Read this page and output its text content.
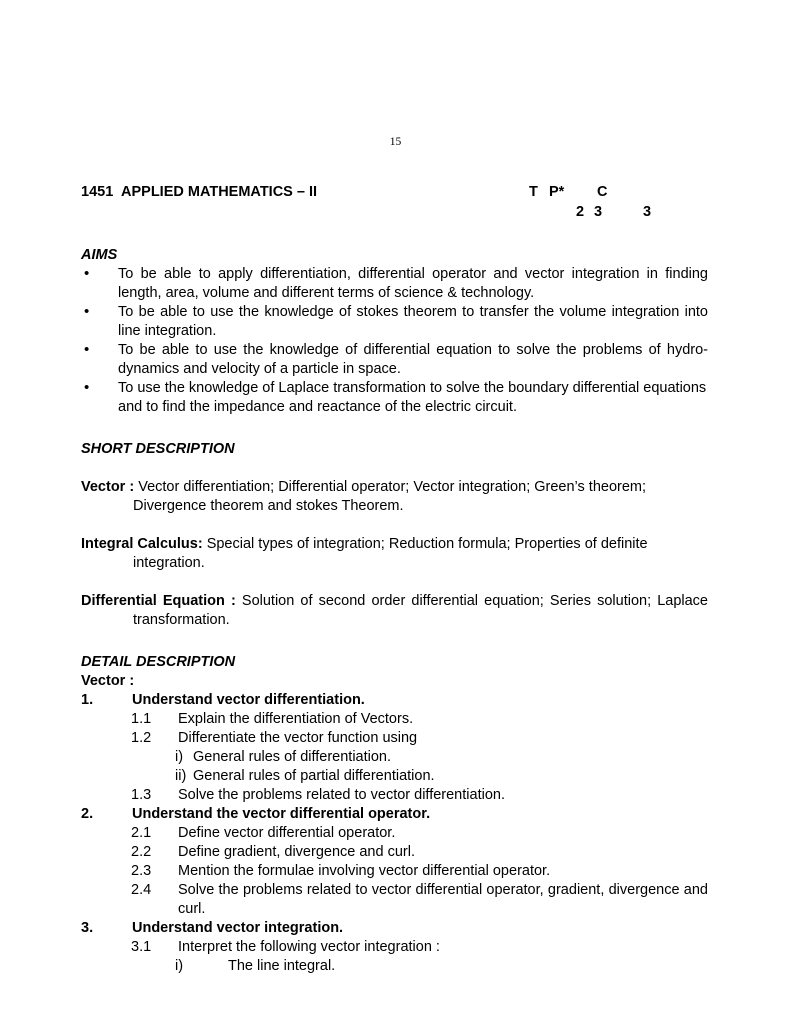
15
1451 APPLIED MATHEMATICS – II	T P* C
2 3	3
AIMS
• To be able to apply differentiation, differential operator and vector integration in finding length, area, volume and different terms of science & technology.
• To be able to use the knowledge of stokes theorem to transfer the volume integration into line integration.
• To be able to use the knowledge of differential equation to solve the problems of hydro-dynamics and velocity of a particle in space.
• To use the knowledge of Laplace transformation to solve the boundary differential equations and to find the impedance and reactance of the electric circuit.
SHORT DESCRIPTION
Vector : Vector differentiation; Differential operator; Vector integration; Green’s theorem; Divergence theorem and stokes Theorem.
Integral Calculus: Special types of integration; Reduction formula; Properties of definite integration.
Differential Equation : Solution of second order differential equation; Series solution; Laplace transformation.
DETAIL DESCRIPTION
Vector :
1.	Understand vector differentiation.
1.1 Explain the differentiation of Vectors.
1.2 Differentiate the vector function using
i) General rules of differentiation.
ii) General rules of partial differentiation.
1.3 Solve the problems related to vector differentiation.
2.	Understand the vector differential operator.
2.1 Define vector differential operator.
2.2 Define gradient, divergence and curl.
2.3 Mention the formulae involving vector differential operator.
2.4 Solve the problems related to vector differential operator, gradient, divergence and curl.
3.	Understand vector integration.
3.1 Interpret the following vector integration :
i)	The line integral.
